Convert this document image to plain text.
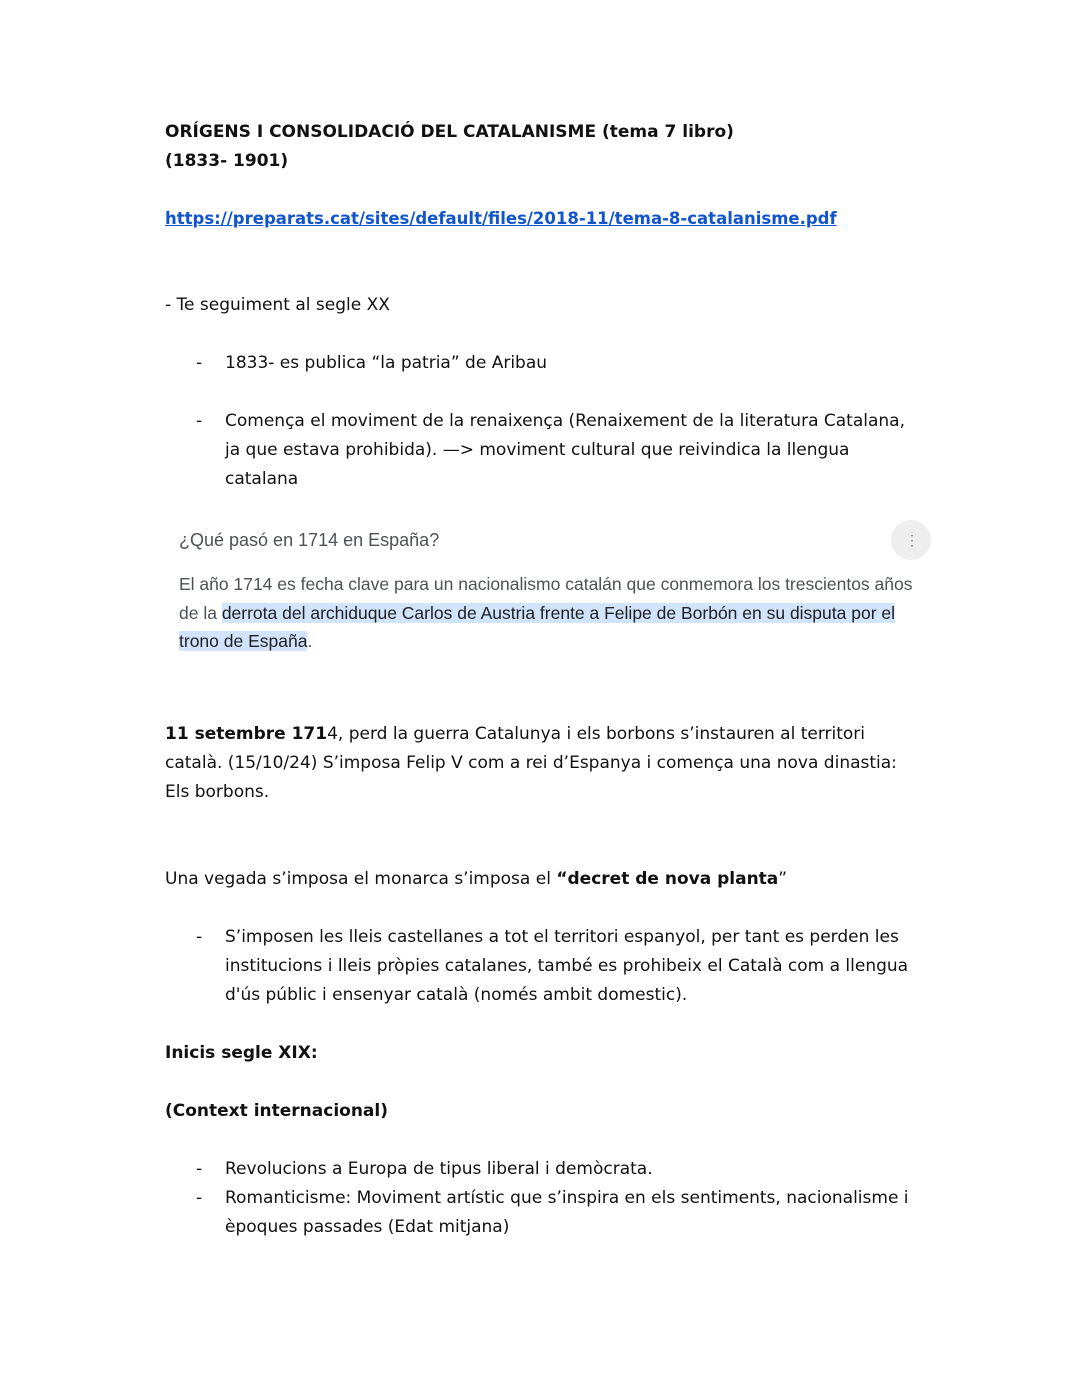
ORÍGENS I CONSOLIDACIÓ DEL CATALANISME (tema 7 libro)
(1833- 1901)

https://preparats.cat/sites/default/files/2018-11/tema-8-catalanisme.pdf

- Te seguiment al segle XX

- 1833- es publica “la patria” de Aribau
- Comença el moviment de la renaixença (Renaixement de la literatura Catalana, ja que estava prohibida). —> moviment cultural que reivindica la llengua catalana
¿Qué pasó en 1714 en España?	⋮
El año 1714 es fecha clave para un nacionalismo catalán que conmemora los trescientos años de la derrota del archiduque Carlos de Austria frente a Felipe de Borbón en su disputa por el trono de España.

11 setembre 1714, perd la guerra Catalunya i els borbons s’instauren al territori català. (15/10/24) S’imposa Felip V com a rei d’Espanya i comença una nova dinastia: Els borbons.

Una vegada s’imposa el monarca s’imposa el “decret de nova planta”

- S’imposen les lleis castellanes a tot el territori espanyol, per tant es perden les institucions i lleis pròpies catalanes, també es prohibeix el Català com a llengua d'ús públic i ensenyar català (només ambit domestic).

Inicis segle XIX:

(Context internacional)

- Revolucions a Europa de tipus liberal i demòcrata.
- Romanticisme: Moviment artístic que s’inspira en els sentiments, nacionalisme i èpoques passades (Edat mitjana)
